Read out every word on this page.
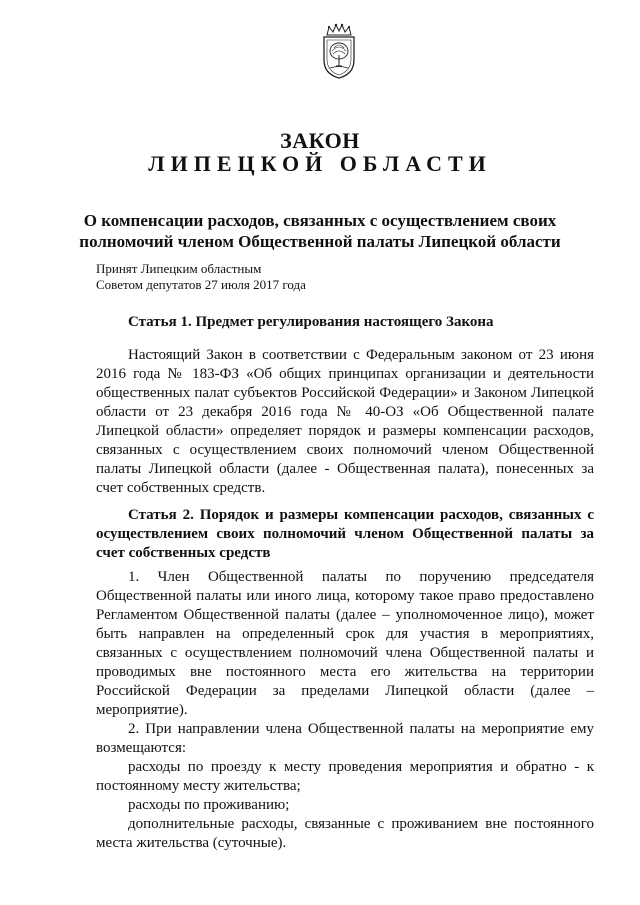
ЗАКОН
ЛИПЕЦКОЙ ОБЛАСТИ
О компенсации расходов, связанных с осуществлением своих полномочий членом Общественной палаты Липецкой области
Принят Липецким областным
Советом депутатов 27 июля 2017 года
Статья 1. Предмет регулирования настоящего Закона

Настоящий Закон в соответствии с Федеральным законом от 23 июня 2016 года № 183-ФЗ «Об общих принципах организации и деятельности общественных палат субъектов Российской Федерации» и Законом Липецкой области от 23 декабря 2016 года № 40-ОЗ «Об Общественной палате Липецкой области» определяет порядок и размеры компенсации расходов, связанных с осуществлением своих полномочий членом Общественной палаты Липецкой области (далее - Общественная палата), понесенных за счет собственных средств.

Статья 2. Порядок и размеры компенсации расходов, связанных с осуществлением своих полномочий членом Общественной палаты за счет собственных средств

1. Член Общественной палаты по поручению председателя Общественной палаты или иного лица, которому такое право предоставлено Регламентом Общественной палаты (далее – уполномоченное лицо), может быть направлен на определенный срок для участия в мероприятиях, связанных с осуществлением полномочий члена Общественной палаты и проводимых вне постоянного места его жительства на территории Российской Федерации за пределами Липецкой области (далее – мероприятие).

2. При направлении члена Общественной палаты на мероприятие ему возмещаются:

расходы по проезду к месту проведения мероприятия и обратно - к постоянному месту жительства;

расходы по проживанию;

дополнительные расходы, связанные с проживанием вне постоянного места жительства (суточные).
